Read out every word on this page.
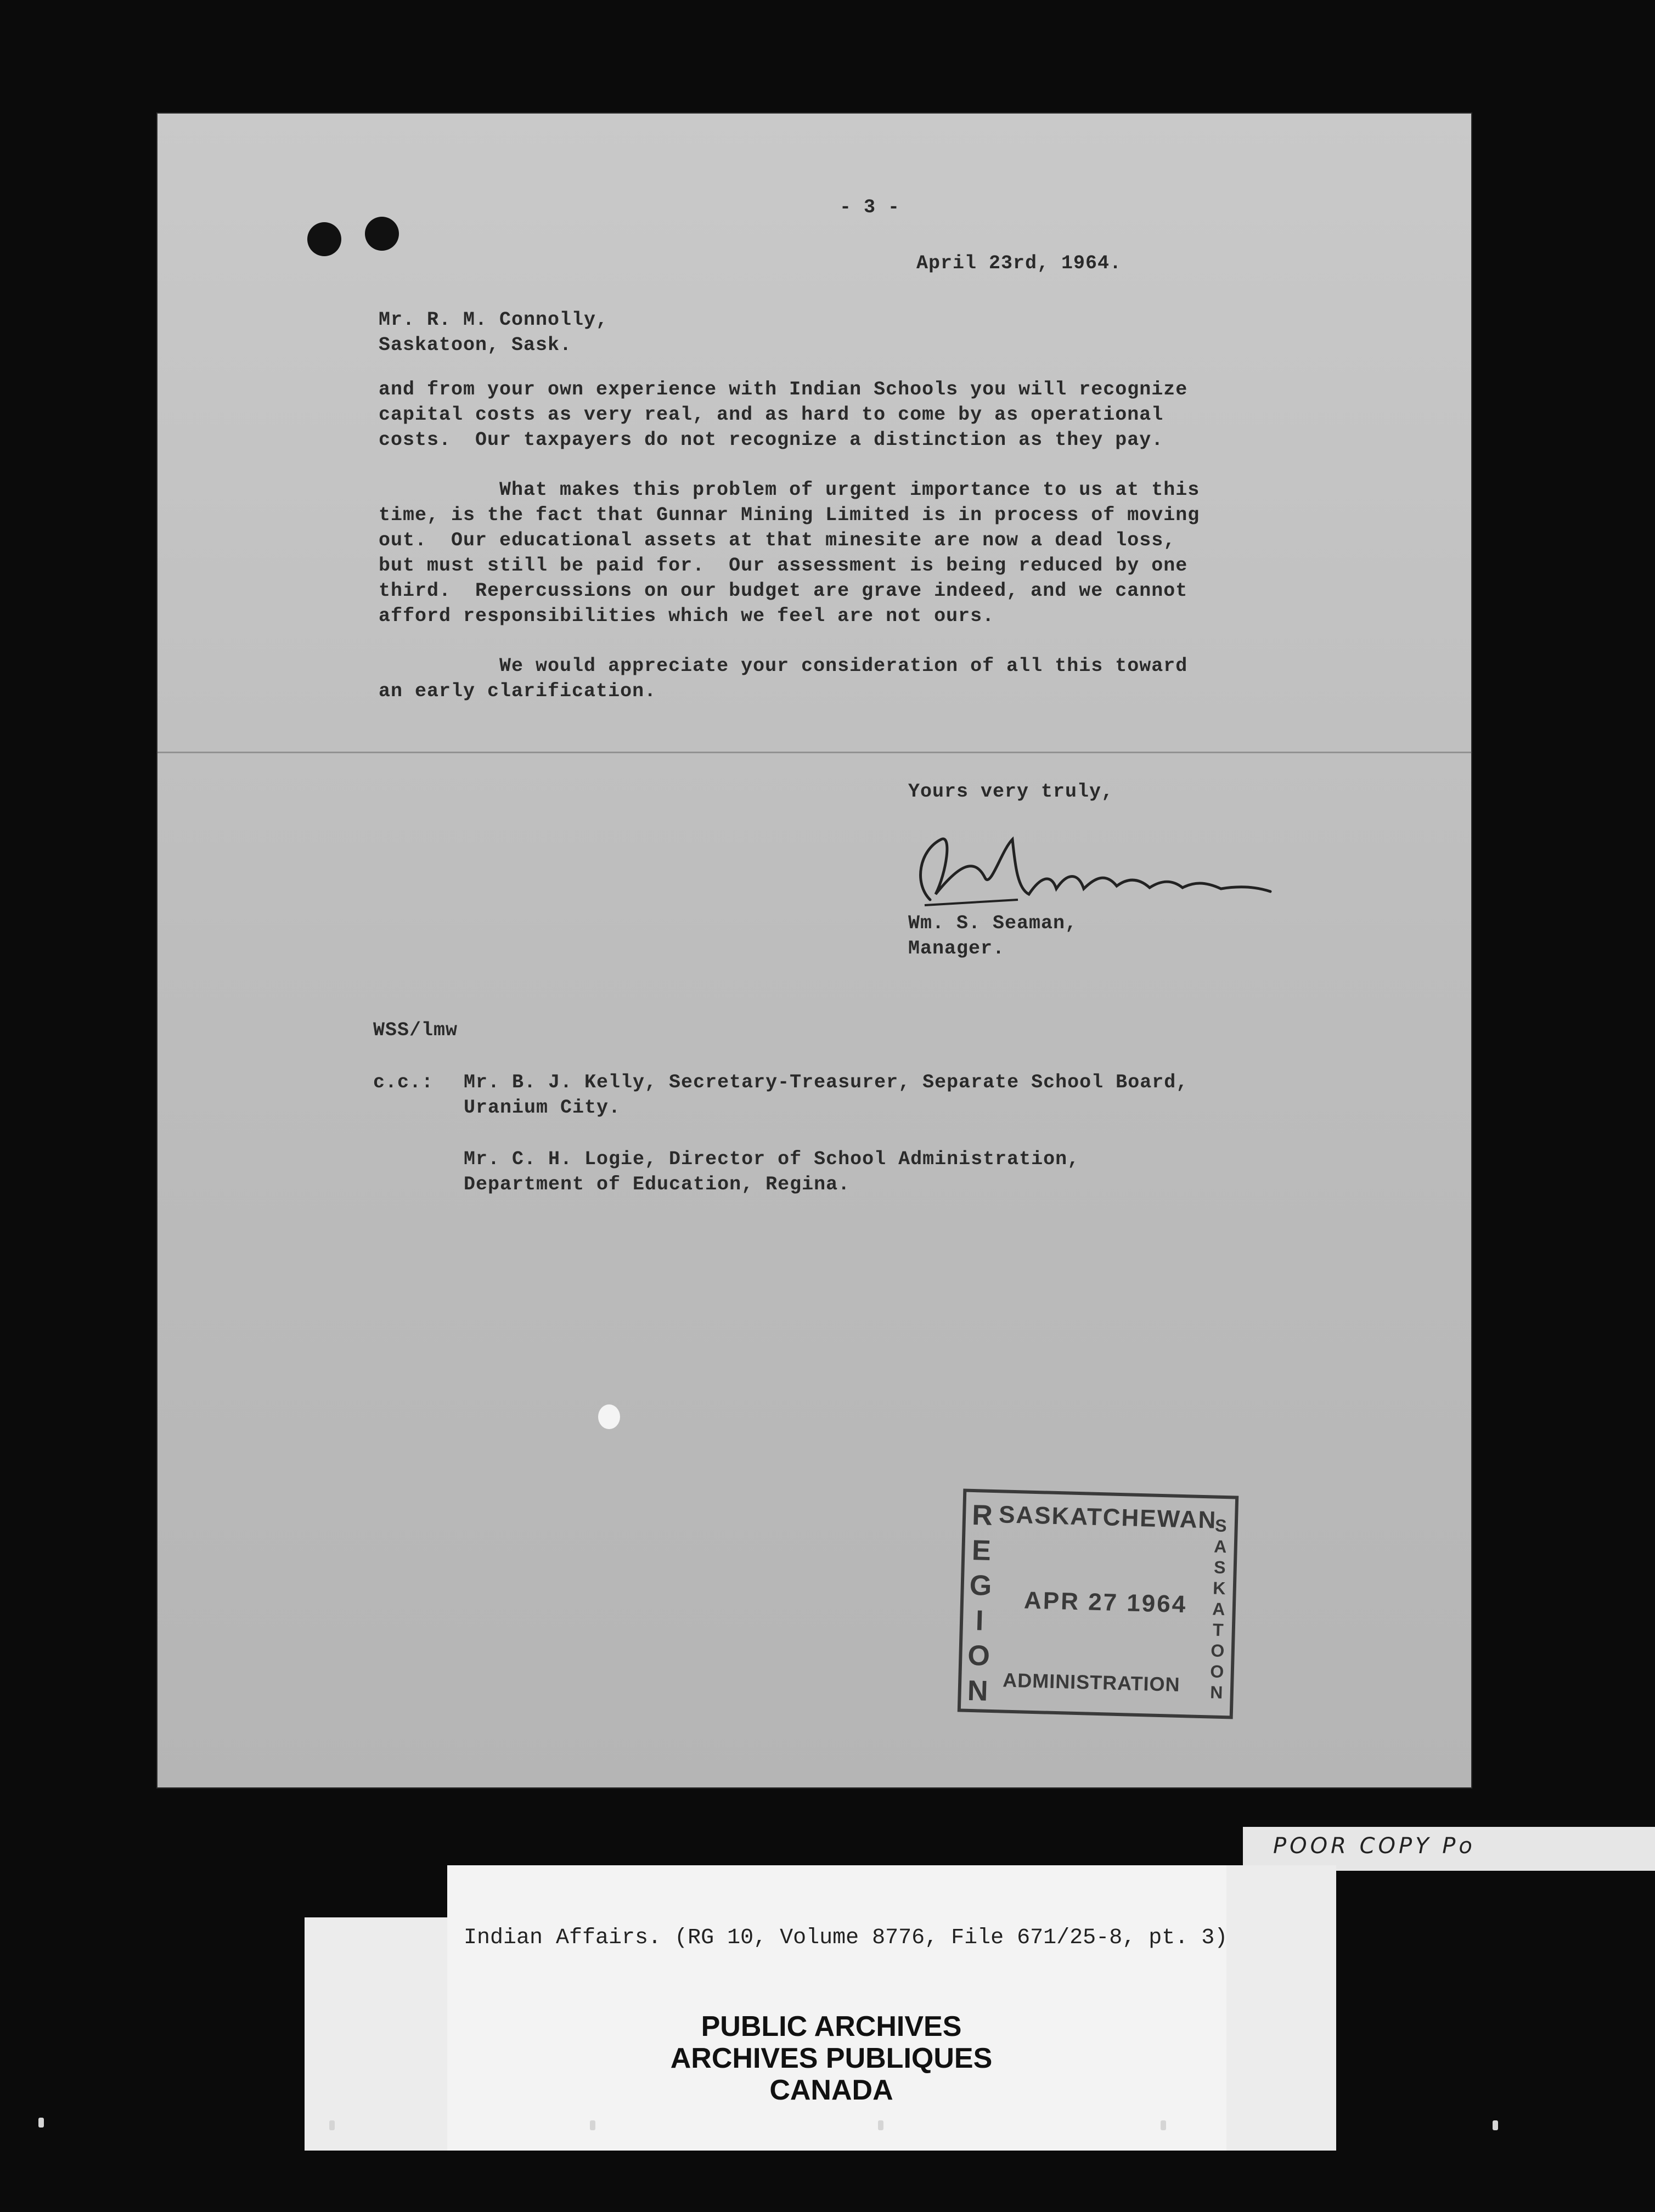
- 3 -
April 23rd, 1964.
Mr. R. M. Connolly,
Saskatoon, Sask.
and from your own experience with Indian Schools you will recognize
capital costs as very real, and as hard to come by as operational
costs.  Our taxpayers do not recognize a distinction as they pay.
What makes this problem of urgent importance to us at this
time, is the fact that Gunnar Mining Limited is in process of moving
out.  Our educational assets at that minesite are now a dead loss,
but must still be paid for.  Our assessment is being reduced by one
third.  Repercussions on our budget are grave indeed, and we cannot
afford responsibilities which we feel are not ours.
We would appreciate your consideration of all this toward
an early clarification.
Yours very truly,
Wm. S. Seaman,
Manager.
WSS/lmw
c.c.: Mr. B. J. Kelly, Secretary-Treasurer, Separate School Board,
Uranium City.
Mr. C. H. Logie, Director of School Administration,
Department of Education, Regina.
REGION
SASKATCHEWAN
APR 27 1964
ADMINISTRATION
SASKATOON
POOR COPY Po
Indian Affairs. (RG 10, Volume 8776, File 671/25-8, pt. 3)
PUBLIC ARCHIVES
ARCHIVES PUBLIQUES
CANADA
